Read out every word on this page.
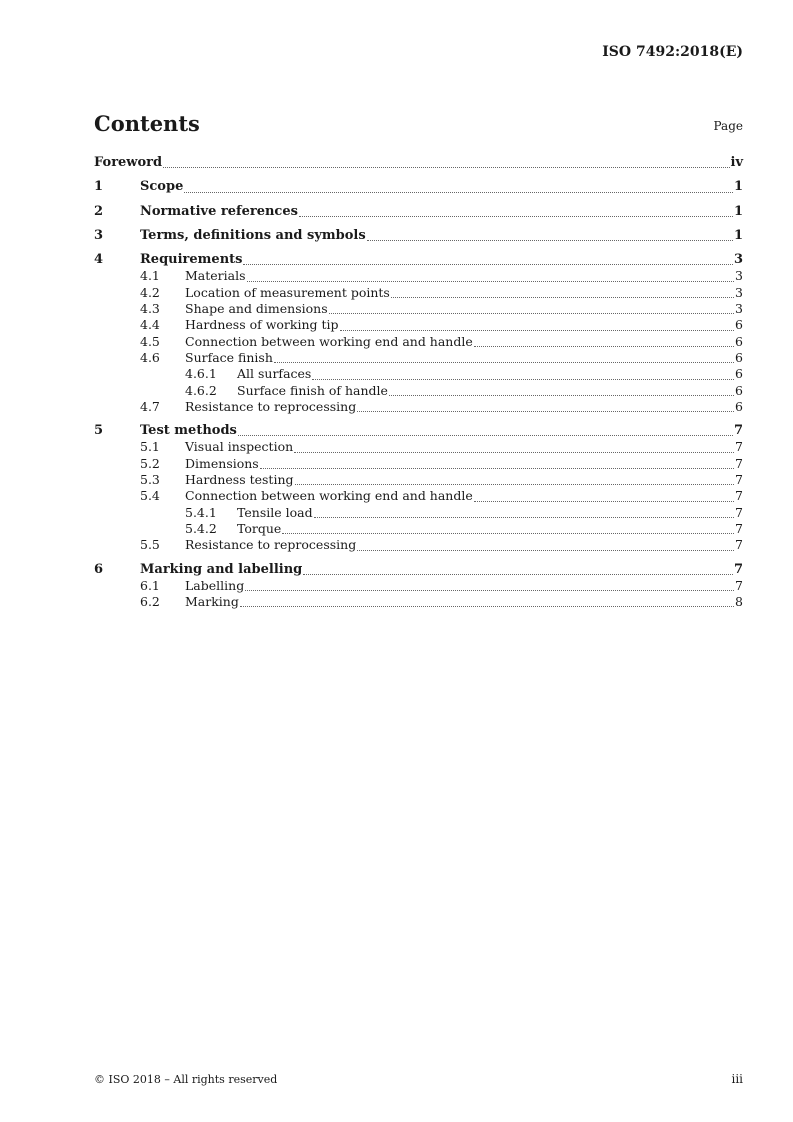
ISO 7492:2018(E)
Contents	Page
Foreword	iv
1	Scope	1
2	Normative references	1
3	Terms, definitions and symbols	1
4	Requirements	3
4.1	Materials	3
4.2	Location of measurement points	3
4.3	Shape and dimensions	3
4.4	Hardness of working tip	6
4.5	Connection between working end and handle	6
4.6	Surface finish	6
4.6.1	All surfaces	6
4.6.2	Surface finish of handle	6
4.7	Resistance to reprocessing	6
5	Test methods	7
5.1	Visual inspection	7
5.2	Dimensions	7
5.3	Hardness testing	7
5.4	Connection between working end and handle	7
5.4.1	Tensile load	7
5.4.2	Torque	7
5.5	Resistance to reprocessing	7
6	Marking and labelling	7
6.1	Labelling	7
6.2	Marking	8
© ISO 2018 – All rights reserved	iii
